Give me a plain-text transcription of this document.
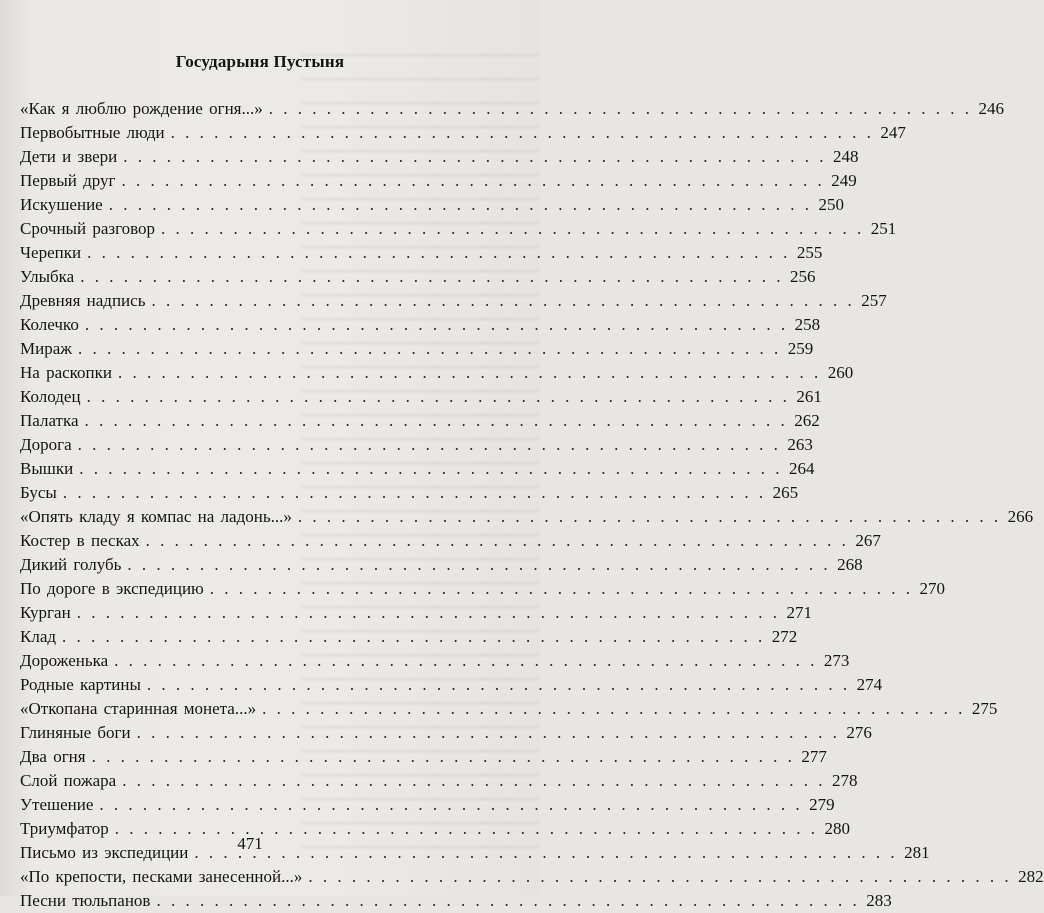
Государыня Пустыня
«Как я люблю рождение огня...» . . .	246
Первобытные люди . . .	247
Дети и звери . . .	248
Первый друг . . .	249
Искушение . . .	250
Срочный разговор . . .	251
Черепки . . .	255
Улыбка . . .	256
Древняя надпись . . .	257
Колечко . . .	258
Мираж . . .	259
На раскопки . . .	260
Колодец . . .	261
Палатка . . .	262
Дорога . . .	263
Вышки . . .	264
Бусы . . .	265
«Опять кладу я компас на ладонь...» . . .	266
Костер в песках . . .	267
Дикий голубь . . .	268
По дороге в экспедицию . . .	270
Курган . . .	271
Клад . . .	272
Дороженька . . .	273
Родные картины . . .	274
«Откопана старинная монета...» . . .	275
Глиняные боги . . .	276
Два огня . . .	277
Слой пожара . . .	278
Утешение . . .	279
Триумфатор . . .	280
Письмо из экспедиции . . .	281
«По крепости, песками занесенной...» . . .	282
Песни тюльпанов . . .	283

471
